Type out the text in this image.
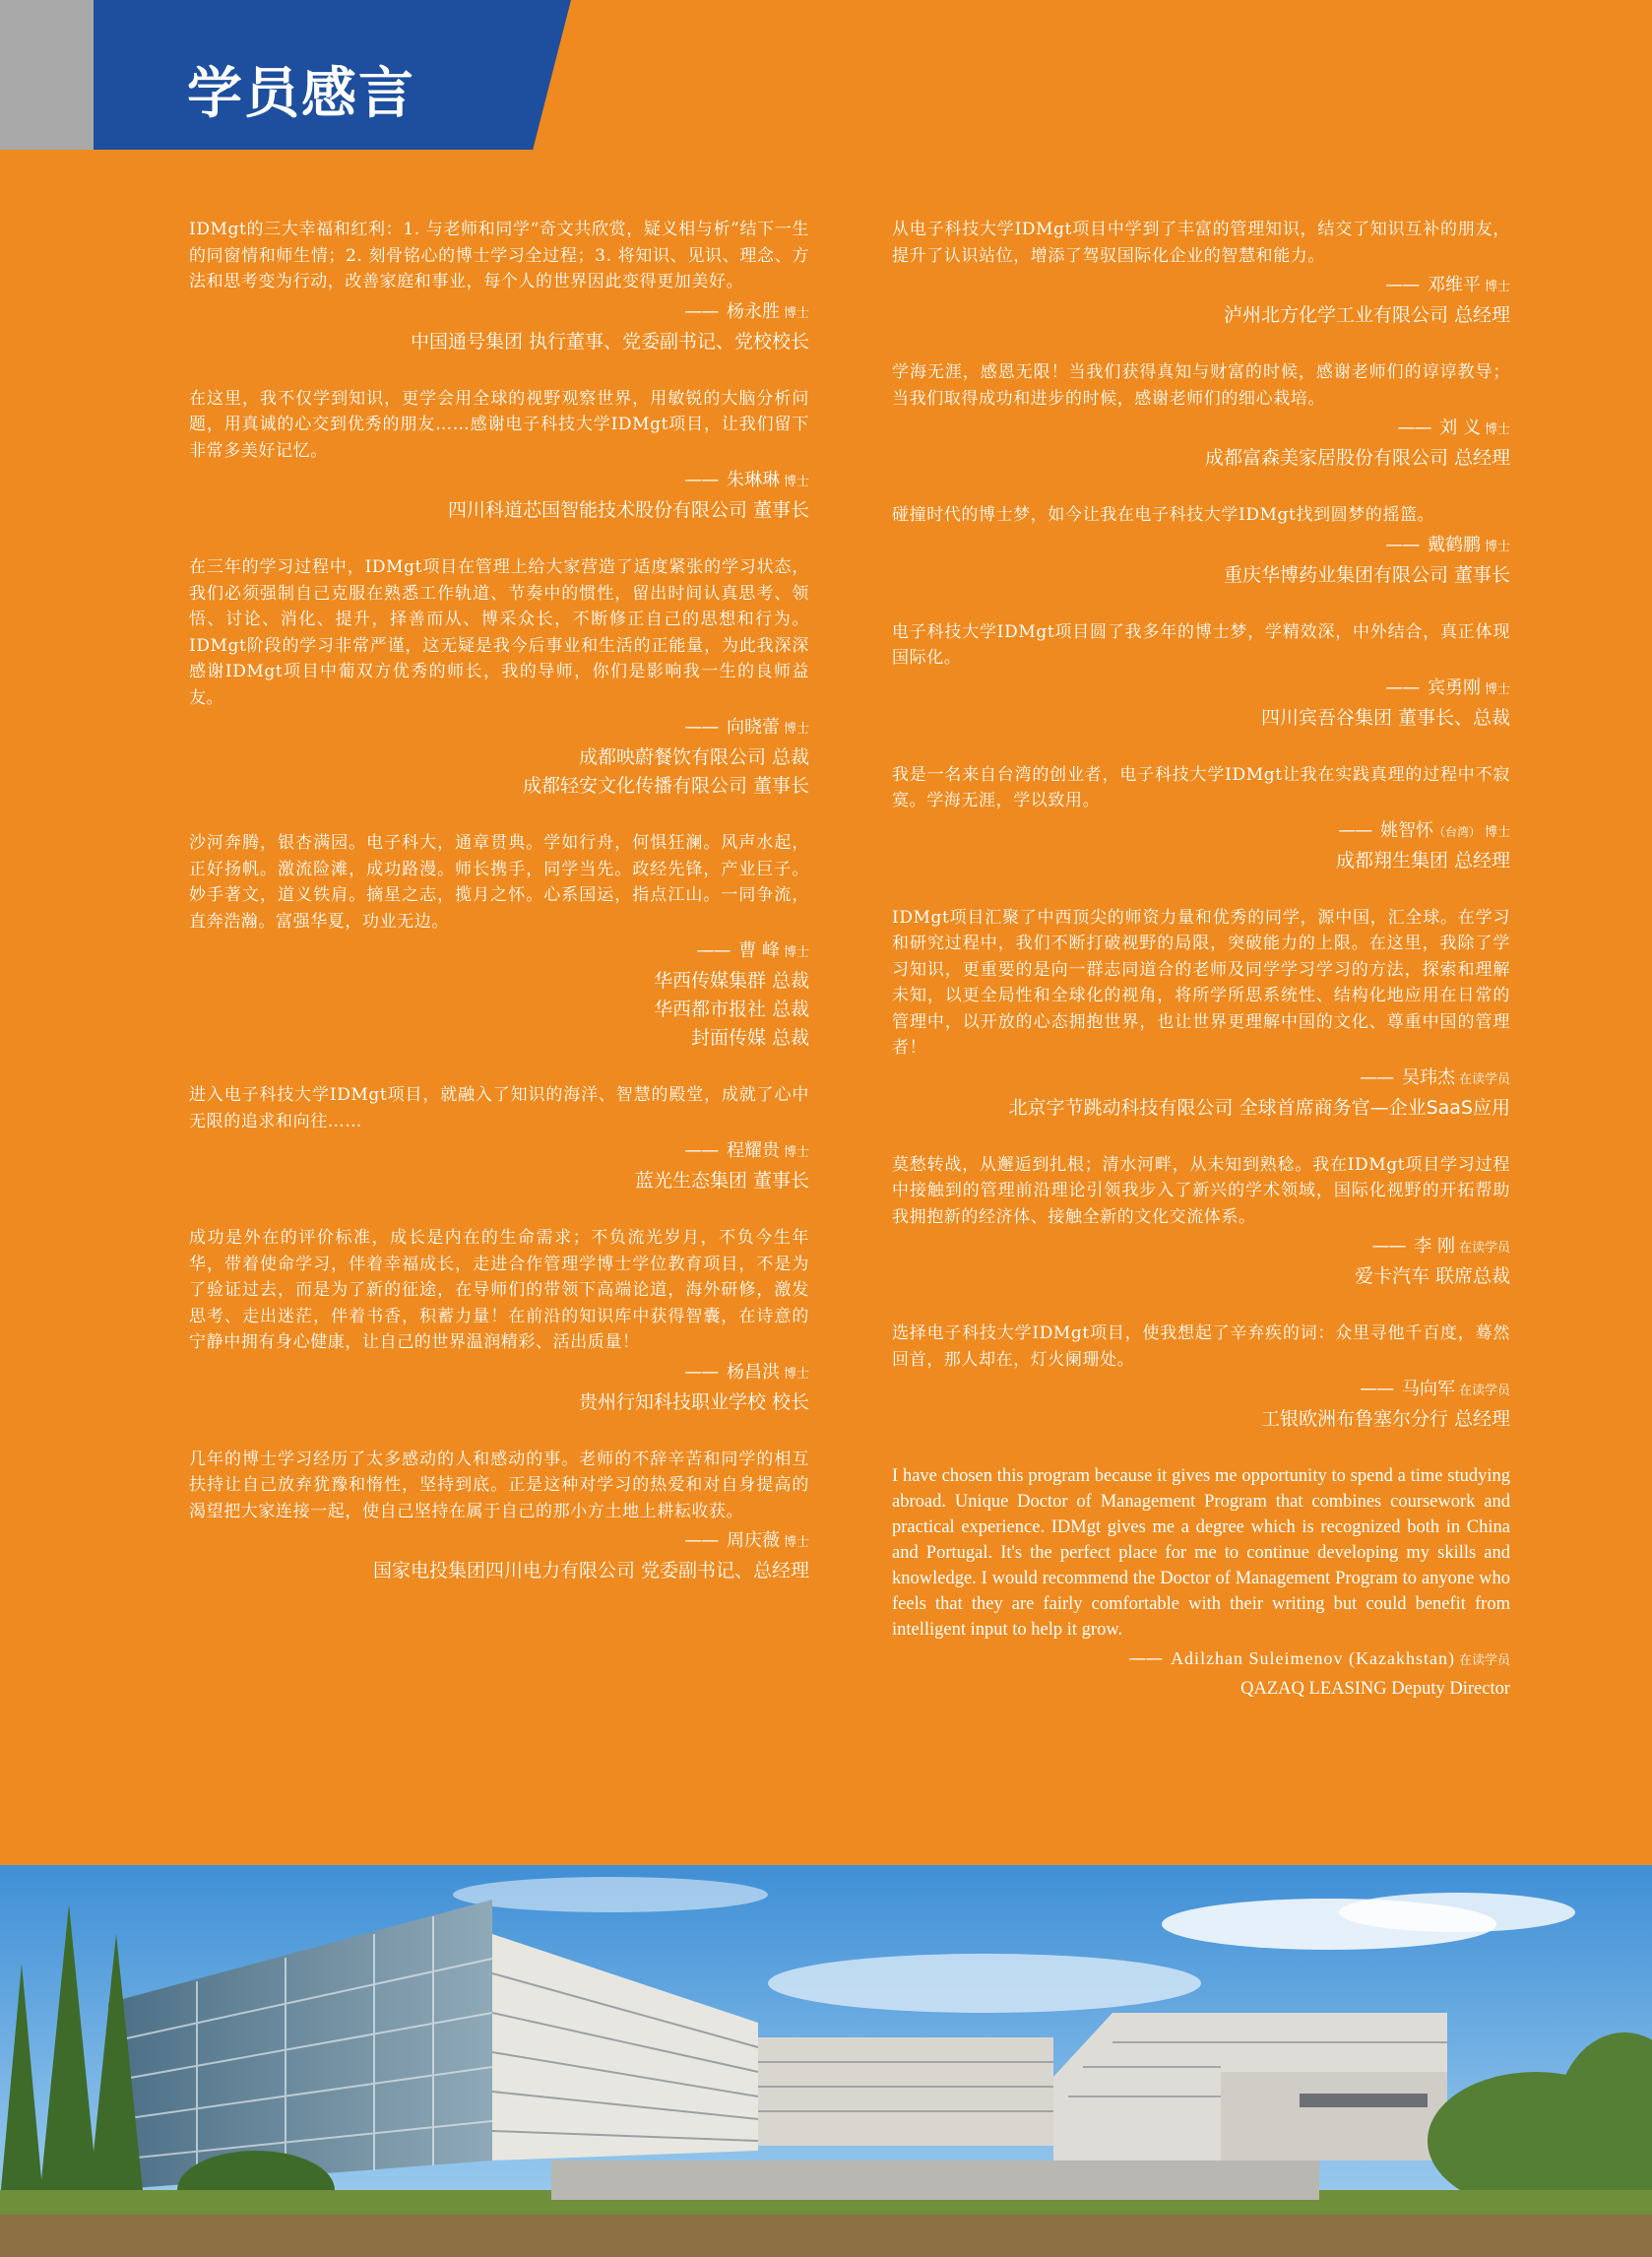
学员感言

IDMgt的三大幸福和红利：1. 与老师和同学“奇文共欣赏，疑义相与析”结下一生的同窗情和师生情；2. 刻骨铭心的博士学习全过程；3. 将知识、见识、理念、方法和思考变为行动，改善家庭和事业，每个人的世界因此变得更加美好。

—— 杨永胜 博士
中国通号集团 执行董事、党委副书记、党校校长

在这里，我不仅学到知识，更学会用全球的视野观察世界，用敏锐的大脑分析问题，用真诚的心交到优秀的朋友……感谢电子科技大学IDMgt项目，让我们留下非常多美好记忆。

—— 朱琳琳 博士
四川科道芯国智能技术股份有限公司 董事长

在三年的学习过程中，IDMgt项目在管理上给大家营造了适度紧张的学习状态，我们必须强制自己克服在熟悉工作轨道、节奏中的惯性，留出时间认真思考、领悟、讨论、消化、提升，择善而从、博采众长，不断修正自己的思想和行为。IDMgt阶段的学习非常严谨，这无疑是我今后事业和生活的正能量，为此我深深感谢IDMgt项目中葡双方优秀的师长，我的导师，你们是影响我一生的良师益友。

—— 向晓蕾 博士
成都映蔚餐饮有限公司 总裁
成都轻安文化传播有限公司 董事长

沙河奔腾，银杏满园。电子科大，通章贯典。学如行舟，何惧狂澜。风声水起，正好扬帆。激流险滩，成功路漫。师长携手，同学当先。政经先锋，产业巨子。妙手著文，道义铁肩。摘星之志，揽月之怀。心系国运，指点江山。一同争流，直奔浩瀚。富强华夏，功业无边。

—— 曹 峰 博士
华西传媒集群 总裁
华西都市报社 总裁
封面传媒 总裁

进入电子科技大学IDMgt项目，就融入了知识的海洋、智慧的殿堂，成就了心中无限的追求和向往……

—— 程耀贵 博士
蓝光生态集团 董事长

成功是外在的评价标准，成长是内在的生命需求；不负流光岁月，不负今生年华，带着使命学习，伴着幸福成长，走进合作管理学博士学位教育项目，不是为了验证过去，而是为了新的征途，在导师们的带领下高端论道，海外研修，激发思考、走出迷茫，伴着书香，积蓄力量！在前沿的知识库中获得智囊，在诗意的宁静中拥有身心健康，让自己的世界温润精彩、活出质量！

—— 杨昌洪 博士
贵州行知科技职业学校 校长

几年的博士学习经历了太多感动的人和感动的事。老师的不辞辛苦和同学的相互扶持让自己放弃犹豫和惰性，坚持到底。正是这种对学习的热爱和对自身提高的渴望把大家连接一起，使自己坚持在属于自己的那小方土地上耕耘收获。

—— 周庆薇 博士
国家电投集团四川电力有限公司 党委副书记、总经理

从电子科技大学IDMgt项目中学到了丰富的管理知识，结交了知识互补的朋友，提升了认识站位，增添了驾驭国际化企业的智慧和能力。

—— 邓维平 博士
泸州北方化学工业有限公司 总经理

学海无涯，感恩无限！当我们获得真知与财富的时候，感谢老师们的谆谆教导；当我们取得成功和进步的时候，感谢老师们的细心栽培。

—— 刘 义 博士
成都富森美家居股份有限公司 总经理

碰撞时代的博士梦，如今让我在电子科技大学IDMgt找到圆梦的摇篮。

—— 戴鹤鹏 博士
重庆华博药业集团有限公司 董事长

电子科技大学IDMgt项目圆了我多年的博士梦，学精效深，中外结合，真正体现国际化。

—— 宾勇刚 博士
四川宾吾谷集团 董事长、总裁

我是一名来自台湾的创业者，电子科技大学IDMgt让我在实践真理的过程中不寂寞。学海无涯，学以致用。

—— 姚智怀（台湾） 博士
成都翔生集团 总经理

IDMgt项目汇聚了中西顶尖的师资力量和优秀的同学，源中国，汇全球。在学习和研究过程中，我们不断打破视野的局限，突破能力的上限。在这里，我除了学习知识，更重要的是向一群志同道合的老师及同学学习学习的方法，探索和理解未知，以更全局性和全球化的视角，将所学所思系统性、结构化地应用在日常的管理中，以开放的心态拥抱世界，也让世界更理解中国的文化、尊重中国的管理者！

—— 吴玮杰 在读学员
北京字节跳动科技有限公司 全球首席商务官—企业SaaS应用

莫愁转战，从邂逅到扎根；清水河畔，从未知到熟稔。我在IDMgt项目学习过程中接触到的管理前沿理论引领我步入了新兴的学术领域，国际化视野的开拓帮助我拥抱新的经济体、接触全新的文化交流体系。

—— 李 刚 在读学员
爱卡汽车 联席总裁

选择电子科技大学IDMgt项目，使我想起了辛弃疾的词：众里寻他千百度，蓦然回首，那人却在，灯火阑珊处。

—— 马向军 在读学员
工银欧洲布鲁塞尔分行 总经理

I have chosen this program because it gives me opportunity to spend a time studying abroad. Unique Doctor of Management Program that combines coursework and practical experience. IDMgt gives me a degree which is recognized both in China and Portugal. It's the perfect place for me to continue developing my skills and knowledge. I would recommend the Doctor of Management Program to anyone who feels that they are fairly comfortable with their writing but could benefit from intelligent input to help it grow.

—— Adilzhan Suleimenov (Kazakhstan) 在读学员
QAZAQ LEASING Deputy Director
